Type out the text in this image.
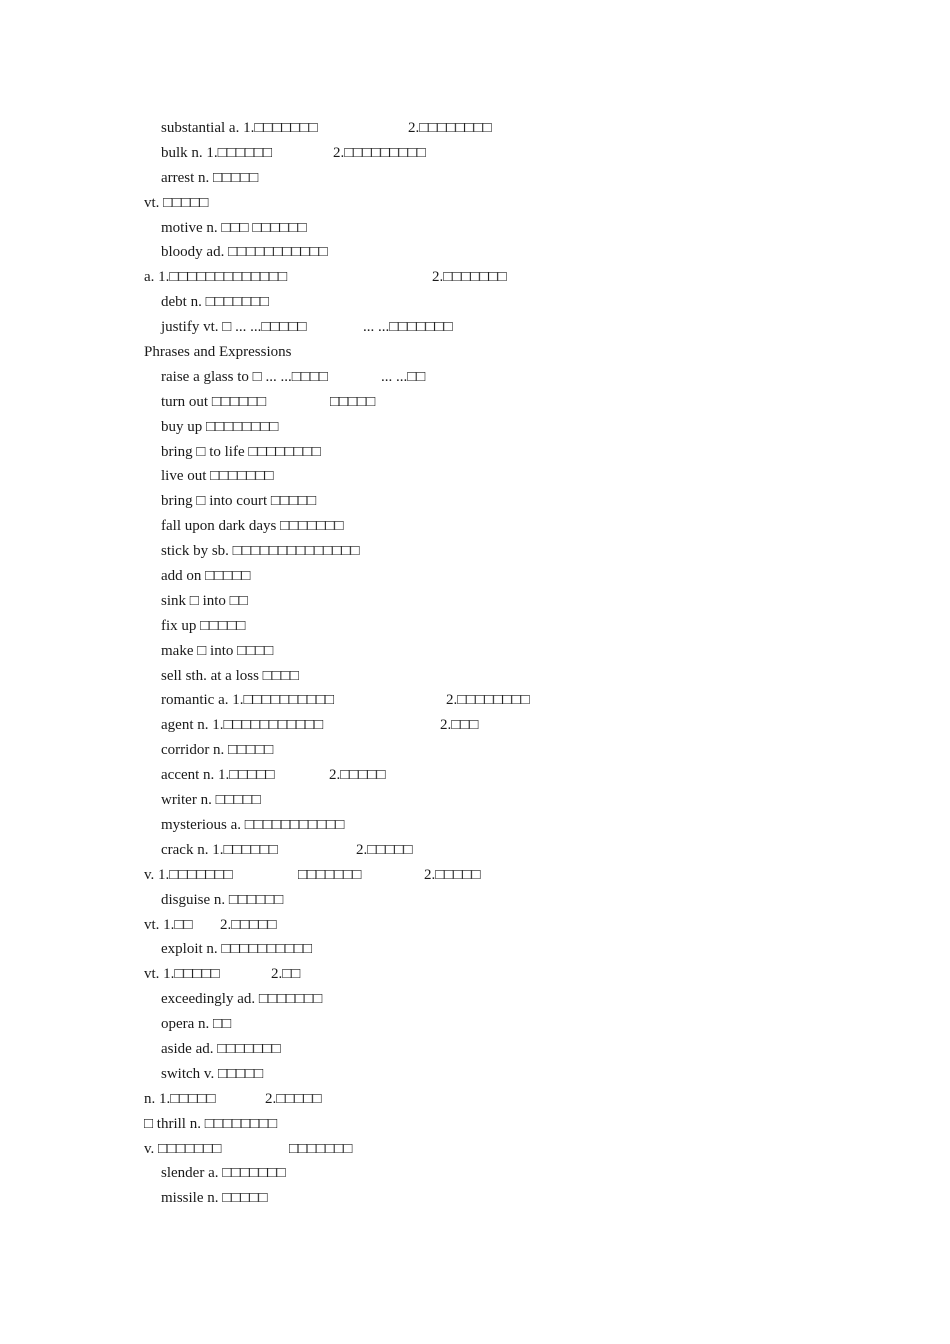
substantial a. 1.□□□□□□□	2.□□□□□□□□
bulk n. 1.□□□□□□	2.□□□□□□□□□
arrest n. □□□□□
vt. □□□□□
motive n. □□□ □□□□□□
bloody ad. □□□□□□□□□□□
a. 1.□□□□□□□□□□□□□	2.□□□□□□□
debt n. □□□□□□□
justify vt. □ ... ...□□□□□	... ...□□□□□□□
Phrases and Expressions
raise a glass to □ ... ...□□□□	... ...□□
turn out □□□□□□	□□□□□
buy up □□□□□□□□
bring □ to life □□□□□□□□
live out □□□□□□□
bring □ into court □□□□□
fall upon dark days □□□□□□□
stick by sb. □□□□□□□□□□□□□□
add on □□□□□
sink □ into □□
fix up □□□□□
make □ into □□□□
sell sth. at a loss □□□□
romantic a. 1.□□□□□□□□□□	2.□□□□□□□□
agent n. 1.□□□□□□□□□□□	2.□□□
corridor n. □□□□□
accent n. 1.□□□□□	2.□□□□□
writer n. □□□□□
mysterious a. □□□□□□□□□□□
crack n. 1.□□□□□□	2.□□□□□
v. 1.□□□□□□□	□□□□□□□	2.□□□□□
disguise n. □□□□□□
vt. 1.□□ 2.□□□□□
exploit n. □□□□□□□□□□
vt. 1.□□□□□	2.□□
exceedingly ad. □□□□□□□
opera n. □□
aside ad. □□□□□□□
switch v. □□□□□
n. 1.□□□□□	2.□□□□□
□ thrill n. □□□□□□□□
v. □□□□□□□	□□□□□□□
slender a. □□□□□□□
missile n. □□□□□
